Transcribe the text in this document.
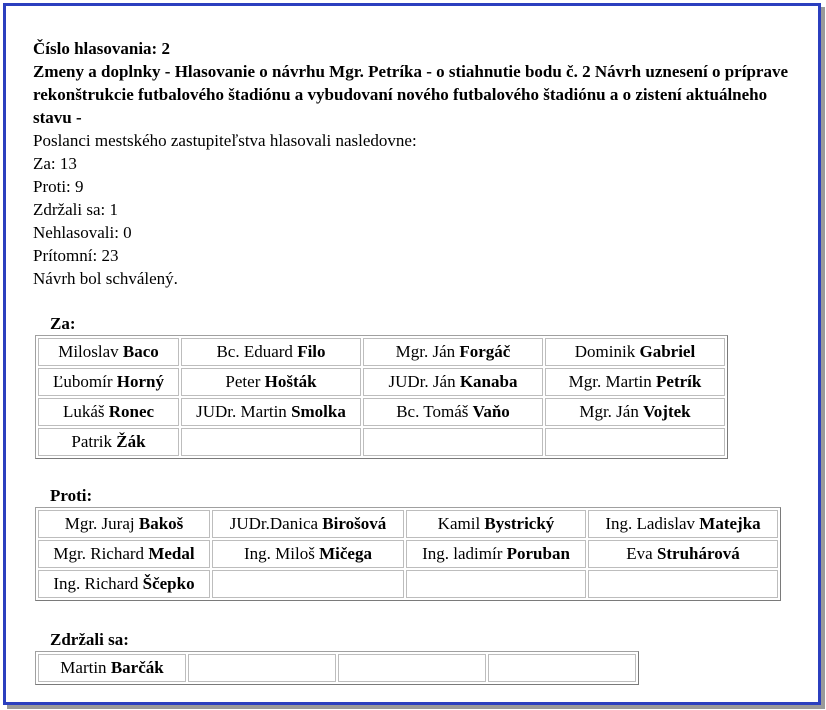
Číslo hlasovania: 2

Zmeny a doplnky - Hlasovanie o návrhu Mgr. Petríka - o stiahnutie bodu č. 2 Návrh uznesení o príprave rekonštrukcie futbalového štadiónu a vybudovaní nového futbalového štadiónu a o zistení aktuálneho stavu -

Poslanci mestského zastupiteľstva hlasovali nasledovne:

Za: 13

Proti: 9

Zdržali sa: 1

Nehlasovali: 0

Prítomní: 23

Návrh bol schválený.

Za:
Miloslav Baco	Bc. Eduard Filo	Mgr. Ján Forgáč	Dominik Gabriel
Ľubomír Horný	Peter Hošták	JUDr. Ján Kanaba	Mgr. Martin Petrík
Lukáš Ronec	JUDr. Martin Smolka	Bc. Tomáš Vaňo	Mgr. Ján Vojtek
Patrik Žák			
Proti:
Mgr. Juraj Bakoš	JUDr.Danica Birošová	Kamil Bystrický	Ing. Ladislav Matejka
Mgr. Richard Medal	Ing. Miloš Mičega	Ing. ladimír Poruban	Eva Struhárová
Ing. Richard Ščepko			
Zdržali sa:
Martin Barčák			
